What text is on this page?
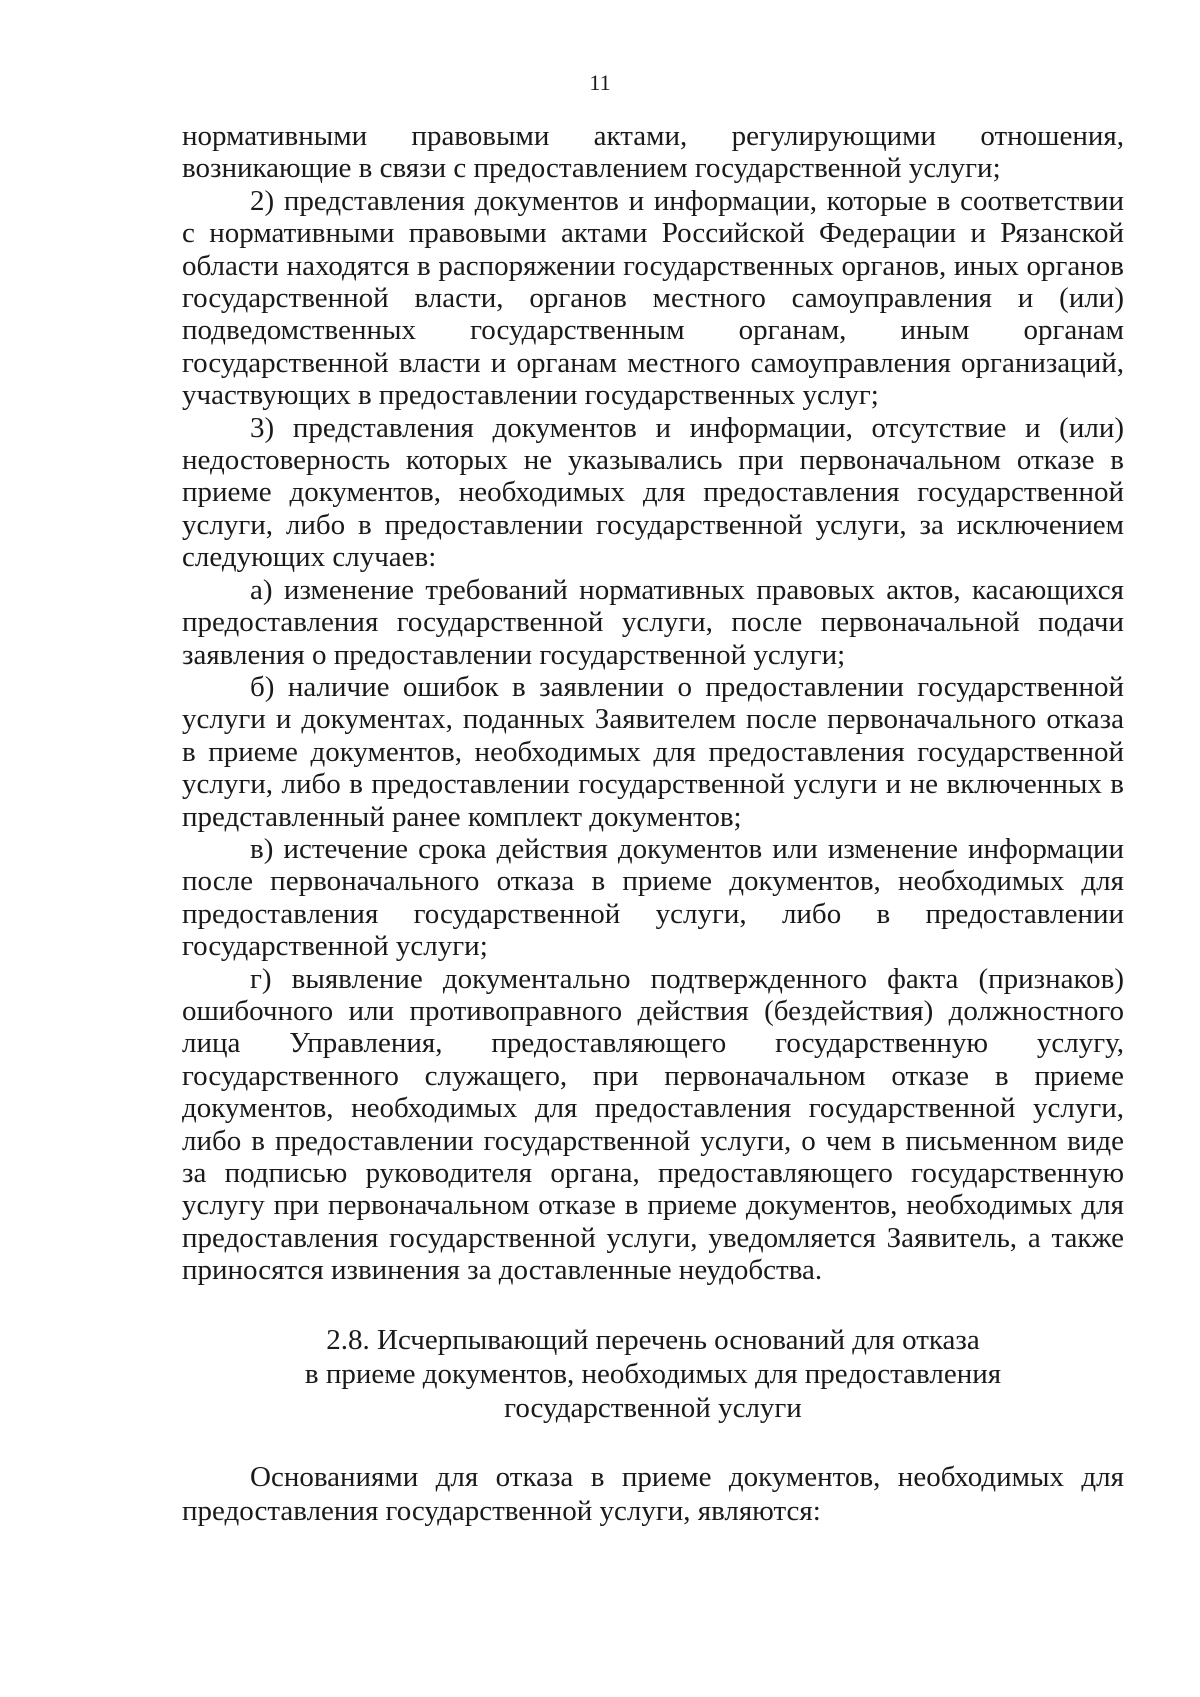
11

нормативными правовыми актами, регулирующими отношения, возникающие в связи с предоставлением государственной услуги;

2) представления документов и информации, которые в соответствии с нормативными правовыми актами Российской Федерации и Рязанской области находятся в распоряжении государственных органов, иных органов государственной власти, органов местного самоуправления и (или) подведомственных государственным органам, иным органам государственной власти и органам местного самоуправления организаций, участвующих в предоставлении государственных услуг;

3) представления документов и информации, отсутствие и (или) недостоверность которых не указывались при первоначальном отказе в приеме документов, необходимых для предоставления государственной услуги, либо в предоставлении государственной услуги, за исключением следующих случаев:

а) изменение требований нормативных правовых актов, касающихся предоставления государственной услуги, после первоначальной подачи заявления о предоставлении государственной услуги;

б) наличие ошибок в заявлении о предоставлении государственной услуги и документах, поданных Заявителем после первоначального отказа в приеме документов, необходимых для предоставления государственной услуги, либо в предоставлении государственной услуги и не включенных в представленный ранее комплект документов;

в) истечение срока действия документов или изменение информации после первоначального отказа в приеме документов, необходимых для предоставления государственной услуги, либо в предоставлении государственной услуги;

г) выявление документально подтвержденного факта (признаков) ошибочного или противоправного действия (бездействия) должностного лица Управления, предоставляющего государственную услугу, государственного служащего, при первоначальном отказе в приеме документов, необходимых для предоставления государственной услуги, либо в предоставлении государственной услуги, о чем в письменном виде за подписью руководителя органа, предоставляющего государственную услугу при первоначальном отказе в приеме документов, необходимых для предоставления государственной услуги, уведомляется Заявитель, а также приносятся извинения за доставленные неудобства.

2.8. Исчерпывающий перечень оснований для отказа
в приеме документов, необходимых для предоставления
государственной услуги

Основаниями для отказа в приеме документов, необходимых для предоставления государственной услуги, являются:
